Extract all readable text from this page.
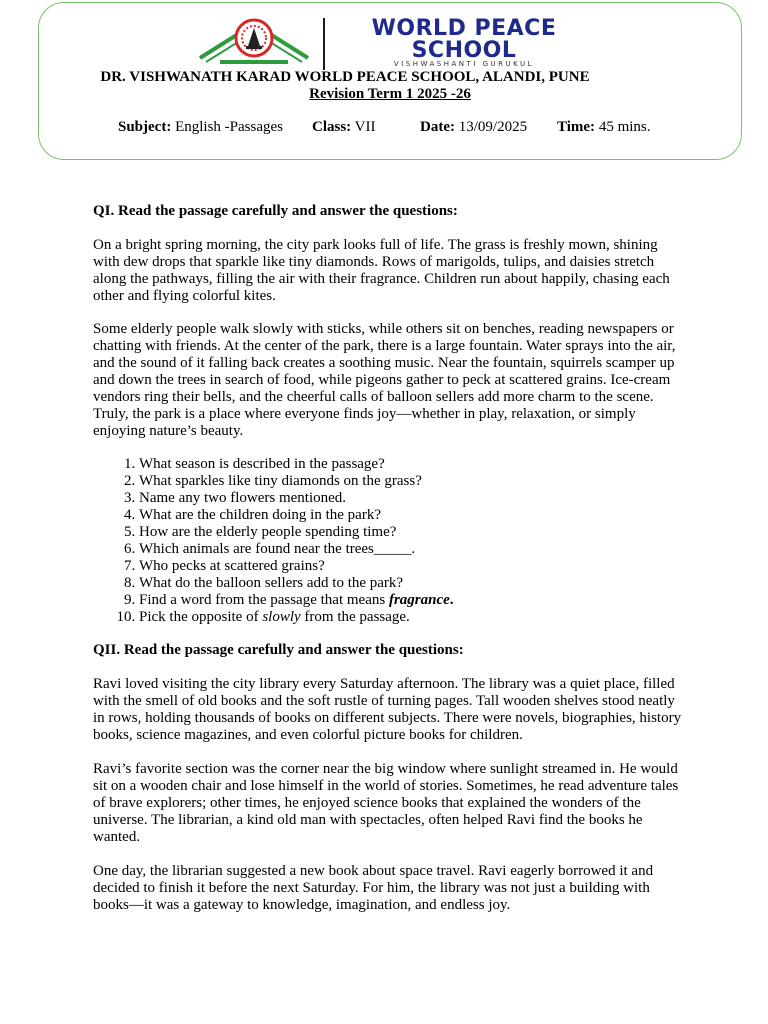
WORLD PEACE
SCHOOL
VISHWASHANTI GURUKUL
DR. VISHWANATH KARAD WORLD PEACE SCHOOL, ALANDI, PUNE
Revision Term 1 2025 -26
Subject: English -Passages Class: VII	Date: 13/09/2025 Time: 45 mins.

QI. Read the passage carefully and answer the questions:

On a bright spring morning, the city park looks full of life. The grass is freshly mown, shining with dew drops that sparkle like tiny diamonds. Rows of marigolds, tulips, and daisies stretch along the pathways, filling the air with their fragrance. Children run about happily, chasing each other and flying colorful kites.

Some elderly people walk slowly with sticks, while others sit on benches, reading newspapers or chatting with friends. At the center of the park, there is a large fountain. Water sprays into the air, and the sound of it falling back creates a soothing music. Near the fountain, squirrels scamper up and down the trees in search of food, while pigeons gather to peck at scattered grains. Ice-cream vendors ring their bells, and the cheerful calls of balloon sellers add more charm to the scene. Truly, the park is a place where everyone finds joy—whether in play, relaxation, or simply enjoying nature’s beauty.

1. What season is described in the passage?
2. What sparkles like tiny diamonds on the grass?
3. Name any two flowers mentioned.
4. What are the children doing in the park?
5. How are the elderly people spending time?
6. Which animals are found near the trees_____.
7. Who pecks at scattered grains?
8. What do the balloon sellers add to the park?
9. Find a word from the passage that means fragrance.
10. Pick the opposite of slowly from the passage.

QII. Read the passage carefully and answer the questions:

Ravi loved visiting the city library every Saturday afternoon. The library was a quiet place, filled with the smell of old books and the soft rustle of turning pages. Tall wooden shelves stood neatly in rows, holding thousands of books on different subjects. There were novels, biographies, history books, science magazines, and even colorful picture books for children.

Ravi’s favorite section was the corner near the big window where sunlight streamed in. He would sit on a wooden chair and lose himself in the world of stories. Sometimes, he read adventure tales of brave explorers; other times, he enjoyed science books that explained the wonders of the universe. The librarian, a kind old man with spectacles, often helped Ravi find the books he wanted.

One day, the librarian suggested a new book about space travel. Ravi eagerly borrowed it and decided to finish it before the next Saturday. For him, the library was not just a building with books—it was a gateway to knowledge, imagination, and endless joy.
